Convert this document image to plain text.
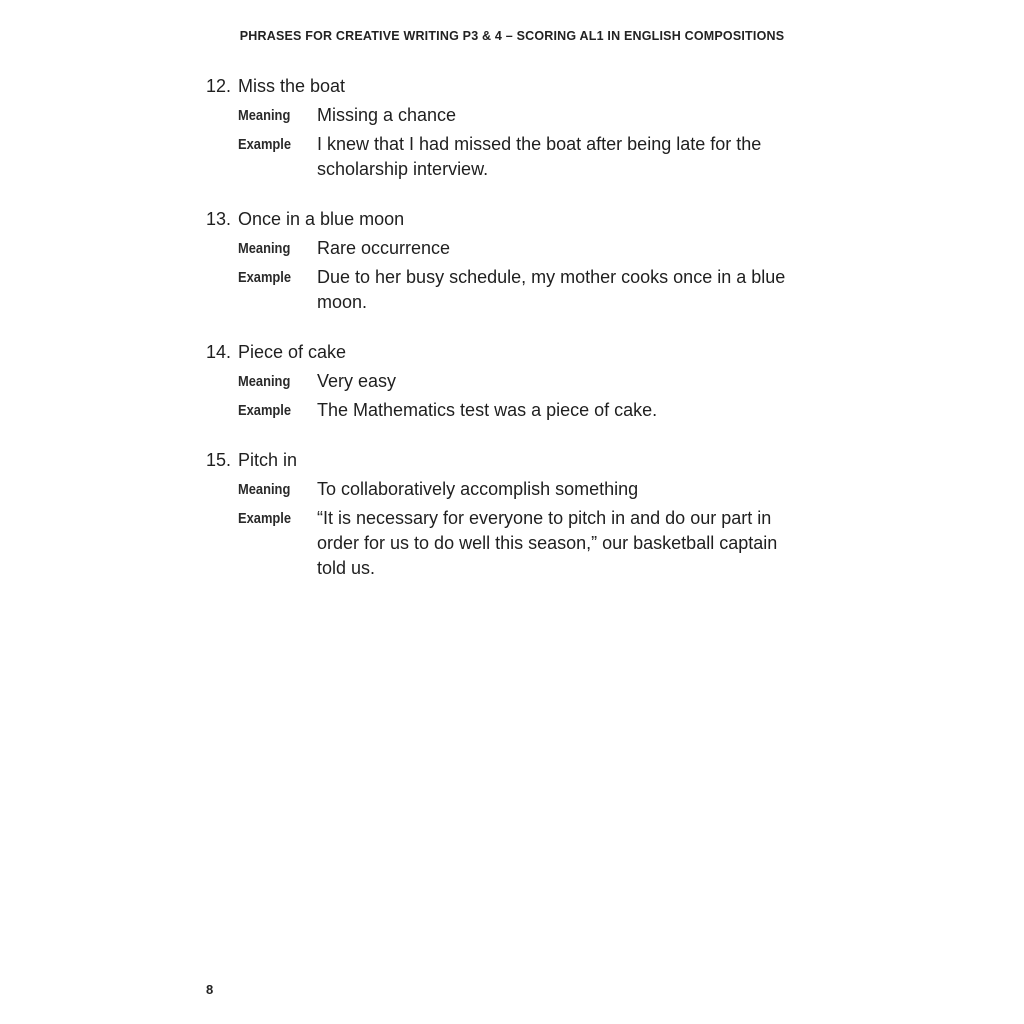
PHRASES FOR CREATIVE WRITING P3 & 4 – SCORING AL1 IN ENGLISH COMPOSITIONS

12. Miss the boat

Meaning Missing a chance
Example I knew that I had missed the boat after being late for the scholarship interview.

13. Once in a blue moon

Meaning Rare occurrence
Example Due to her busy schedule, my mother cooks once in a blue moon.

14. Piece of cake

Meaning Very easy
Example The Mathematics test was a piece of cake.

15. Pitch in

Meaning To collaboratively accomplish something
Example “It is necessary for everyone to pitch in and do our part in order for us to do well this season,” our basketball captain told us.
8
